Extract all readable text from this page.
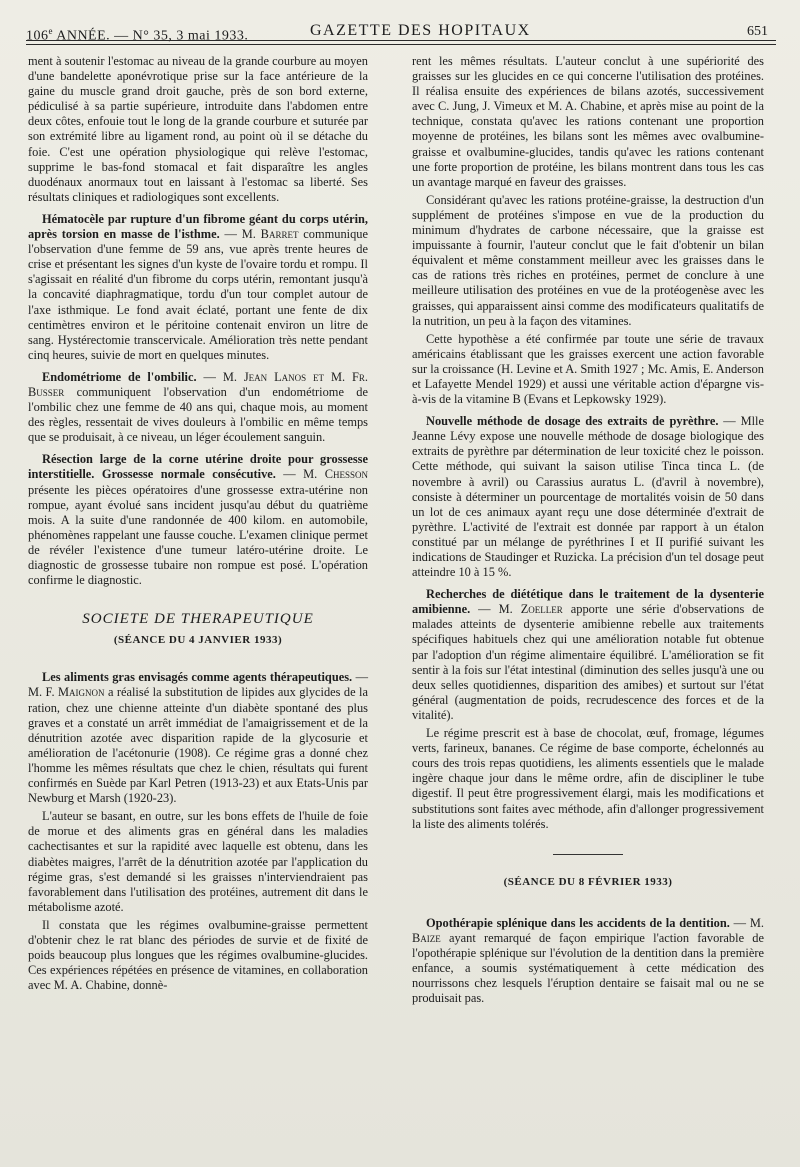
106e ANNÉE. — N° 35, 3 mai 1933.	GAZETTE DES HOPITAUX	651

ment à soutenir l'estomac au niveau de la grande courbure au moyen d'une bandelette aponévrotique prise sur la face antérieure de la gaine du muscle grand droit gauche, près de son bord externe, pédiculisé à sa partie supérieure, introduite dans l'abdomen entre deux côtes, enfouie tout le long de la grande courbure et suturée par son extrémité libre au ligament rond, au point où il se détache du foie. C'est une opération physiologique qui relève l'estomac, supprime le bas-fond stomacal et fait disparaître les angles duodénaux anormaux tout en laissant à l'estomac sa liberté. Ses résultats cliniques et radiologiques sont excellents.

Hématocèle par rupture d'un fibrome géant du corps utérin, après torsion en masse de l'isthme. — M. Barret communique l'observation d'une femme de 59 ans, vue après trente heures de crise et présentant les signes d'un kyste de l'ovaire tordu et rompu. Il s'agissait en réalité d'un fibrome du corps utérin, remontant jusqu'à la concavité diaphragmatique, tordu d'un tour complet autour de l'axe isthmique. Le fond avait éclaté, portant une fente de dix centimètres environ et le péritoine contenait environ un litre de sang. Hystérectomie transcervicale. Amélioration très nette pendant cinq heures, suivie de mort en quelques minutes.

Endométriome de l'ombilic. — M. Jean Lanos et M. Fr. Busser communiquent l'observation d'un endométriome de l'ombilic chez une femme de 40 ans qui, chaque mois, au moment des règles, ressentait de vives douleurs à l'ombilic en même temps que se produisait, à ce niveau, un léger écoulement sanguin.

Résection large de la corne utérine droite pour grossesse interstitielle. Grossesse normale consécutive. — M. Chesson présente les pièces opératoires d'une grossesse extra-utérine non rompue, ayant évolué sans incident jusqu'au début du quatrième mois. A la suite d'une randonnée de 400 kilom. en automobile, phénomènes rappelant une fausse couche. L'examen clinique permet de révéler l'existence d'une tumeur latéro-utérine droite. Le diagnostic de grossesse tubaire non rompue est posé. L'opération confirme le diagnostic.

SOCIETE DE THERAPEUTIQUE
(SÉANCE DU 4 JANVIER 1933)

Les aliments gras envisagés comme agents thérapeutiques. — M. F. Maignon a réalisé la substitution de lipides aux glycides de la ration, chez une chienne atteinte d'un diabète spontané des plus graves et a constaté un arrêt immédiat de l'amaigrissement et de la dénutrition azotée avec disparition rapide de la glycosurie et amélioration de l'acétonurie (1908). Ce régime gras a donné chez l'homme les mêmes résultats que chez le chien, résultats qui furent confirmés en Suède par Karl Petren (1913-23) et aux Etats-Unis par Newburg et Marsh (1920-23).

L'auteur se basant, en outre, sur les bons effets de l'huile de foie de morue et des aliments gras en général dans les maladies cachectisantes et sur la rapidité avec laquelle est obtenu, dans les diabètes maigres, l'arrêt de la dénutrition azotée par l'application du régime gras, s'est demandé si les graisses n'interviendraient pas favorablement dans l'utilisation des protéines, autrement dit dans le métabolisme azoté.

Il constata que les régimes ovalbumine-graisse permettent d'obtenir chez le rat blanc des périodes de survie et de fixité de poids beaucoup plus longues que les régimes ovalbumine-glucides. Ces expériences répétées en présence de vitamines, en collaboration avec M. A. Chabine, donnè-

rent les mêmes résultats. L'auteur conclut à une supériorité des graisses sur les glucides en ce qui concerne l'utilisation des protéines. Il réalisa ensuite des expériences de bilans azotés, successivement avec C. Jung, J. Vimeux et M. A. Chabine, et après mise au point de la technique, constata qu'avec les rations contenant une proportion moyenne de protéines, les bilans sont les mêmes avec ovalbumine-graisse et ovalbumine-glucides, tandis qu'avec les rations contenant une forte proportion de protéine, les bilans montrent dans tous les cas un avantage marqué en faveur des graisses.

Considérant qu'avec les rations protéine-graisse, la destruction d'un supplément de protéines s'impose en vue de la production du minimum d'hydrates de carbone nécessaire, que la graisse est impuissante à fournir, l'auteur conclut que le fait d'obtenir un bilan équivalent et même constamment meilleur avec les graisses dans le cas de rations très riches en protéines, permet de conclure à une meilleure utilisation des protéines en vue de la protéogenèse avec les graisses, qui apparaissent ainsi comme des modificateurs qualitatifs de la nutrition, un peu à la façon des vitamines.

Cette hypothèse a été confirmée par toute une série de travaux américains établissant que les graisses exercent une action favorable sur la croissance (H. Levine et A. Smith 1927 ; Mc. Amis, E. Anderson et Lafayette Mendel 1929) et aussi une véritable action d'épargne vis-à-vis de la vitamine B (Evans et Lepkowsky 1929).

Nouvelle méthode de dosage des extraits de pyrèthre. — Mlle Jeanne Lévy expose une nouvelle méthode de dosage biologique des extraits de pyrèthre par détermination de leur toxicité chez le poisson. Cette méthode, qui suivant la saison utilise Tinca tinca L. (de novembre à avril) ou Carassius auratus L. (d'avril à novembre), consiste à déterminer un pourcentage de mortalités voisin de 50 dans un lot de ces animaux ayant reçu une dose déterminée d'extrait de pyrèthre. L'activité de l'extrait est donnée par rapport à un étalon constitué par un mélange de pyréthrines I et II purifié suivant les indications de Staudinger et Ruzicka. La précision d'un tel dosage peut atteindre 10 à 15 %.

Recherches de diététique dans le traitement de la dysenterie amibienne. — M. Zoeller apporte une série d'observations de malades atteints de dysenterie amibienne rebelle aux traitements spécifiques habituels chez qui une amélioration notable fut obtenue par l'adoption d'un régime alimentaire équilibré. L'amélioration se fit sentir à la fois sur l'état intestinal (diminution des selles jusqu'à une ou deux selles quotidiennes, disparition des amibes) et surtout sur l'état général (augmentation de poids, recrudescence des forces et de la vitalité).

Le régime prescrit est à base de chocolat, œuf, fromage, légumes verts, farineux, bananes. Ce régime de base comporte, échelonnés au cours des trois repas quotidiens, les aliments essentiels que le malade ingère chaque jour dans le même ordre, afin de discipliner le tube digestif. Il peut être progressivement élargi, mais les modifications et substitutions sont faites avec méthode, afin d'allonger progressivement la liste des aliments tolérés.

(SÉANCE DU 8 FÉVRIER 1933)

Opothérapie splénique dans les accidents de la dentition. — M. Baize ayant remarqué de façon empirique l'action favorable de l'opothérapie splénique sur l'évolution de la dentition dans la première enfance, a soumis systématiquement à cette médication des nourrissons chez lesquels l'éruption dentaire se faisait mal ou ne se produisait pas.
